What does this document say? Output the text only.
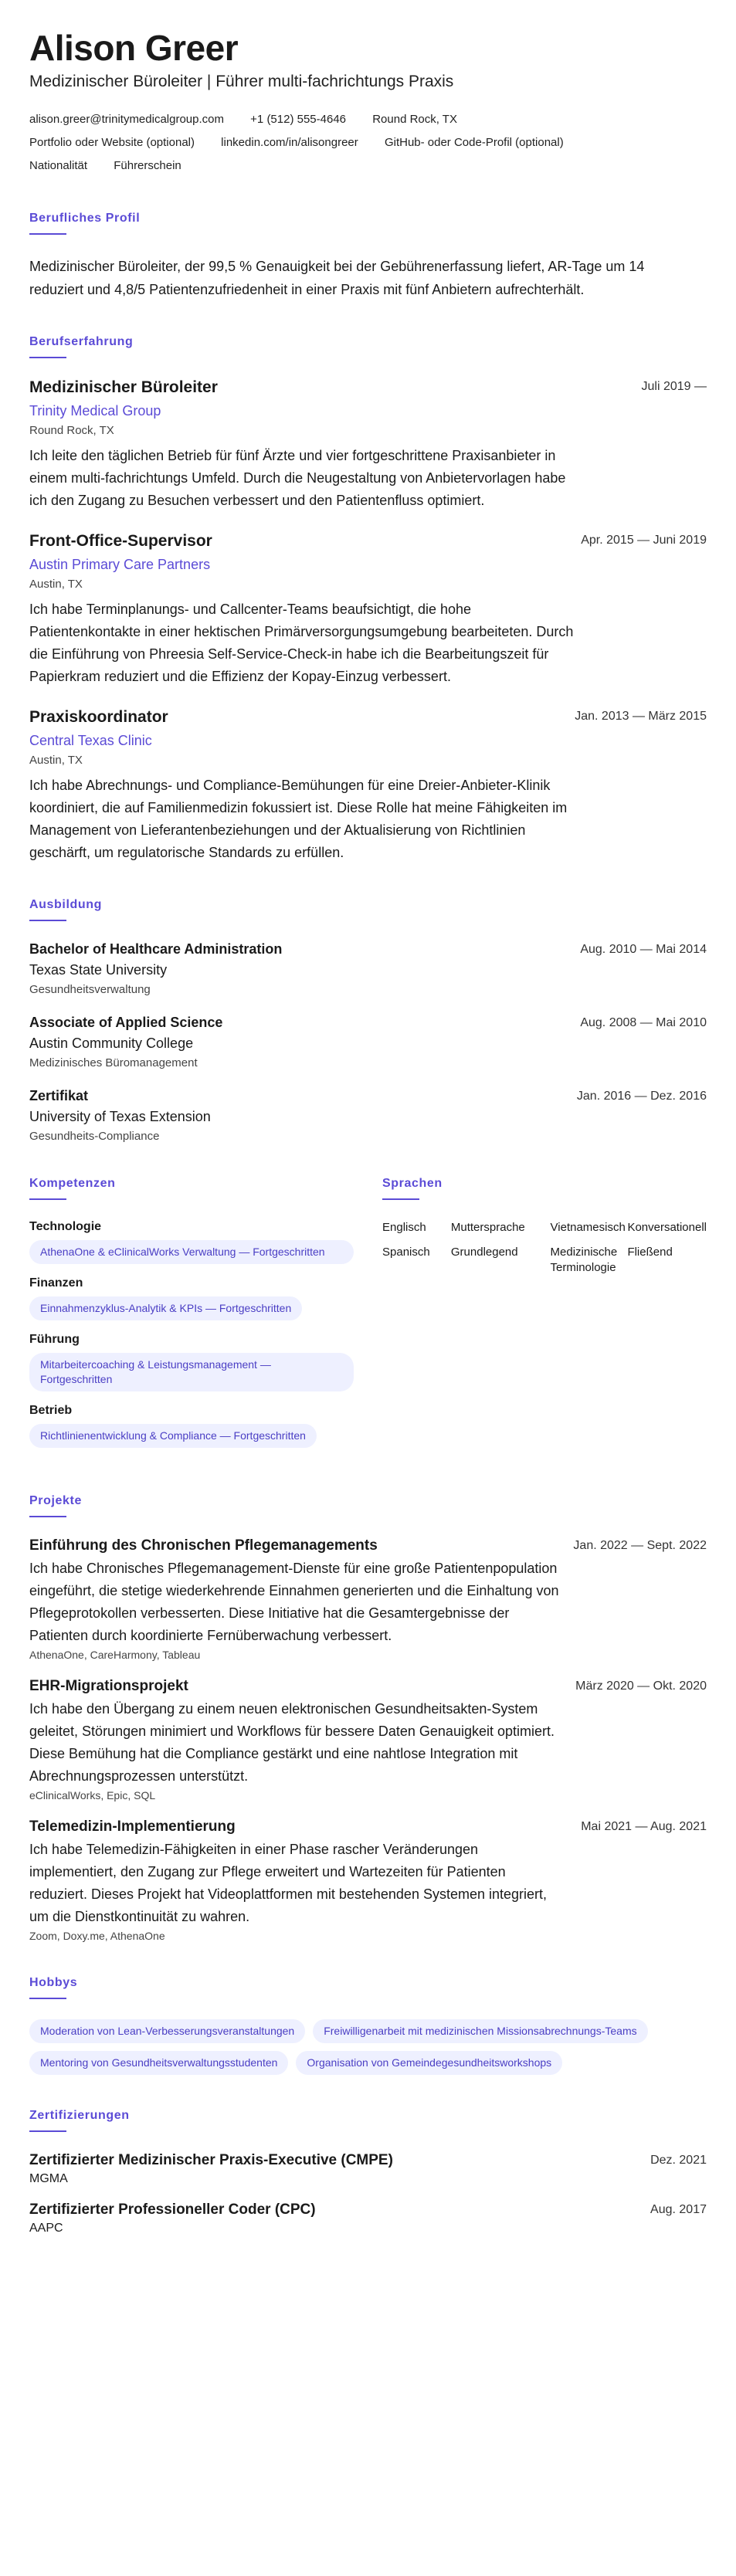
Alison Greer
Medizinischer Büroleiter | Führer multi-fachrichtungs Praxis
alison.greer@trinitymedicalgroup.com +1 (512) 555-4646 Round Rock, TX
Portfolio oder Website (optional) linkedin.com/in/alisongreer GitHub- oder Code-Profil (optional)
Nationalität Führerschein
Berufliches Profil

Medizinischer Büroleiter, der 99,5 % Genauigkeit bei der Gebührenerfassung liefert, AR-Tage um 14 reduziert und 4,8/5 Patientenzufriedenheit in einer Praxis mit fünf Anbietern aufrechterhält.

Berufserfahrung
Medizinischer Büroleiter	Juli 2019 —
Trinity Medical Group
Round Rock, TX
Ich leite den täglichen Betrieb für fünf Ärzte und vier fortgeschrittene Praxisanbieter in einem multi-fachrichtungs Umfeld. Durch die Neugestaltung von Anbietervorlagen habe ich den Zugang zu Besuchen verbessert und den Patientenfluss optimiert.
Front-Office-Supervisor	Apr. 2015 — Juni 2019
Austin Primary Care Partners
Austin, TX
Ich habe Terminplanungs- und Callcenter-Teams beaufsichtigt, die hohe Patientenkontakte in einer hektischen Primärversorgungsumgebung bearbeiteten. Durch die Einführung von Phreesia Self-Service-Check-in habe ich die Bearbeitungszeit für Papierkram reduziert und die Effizienz der Kopay-Einzug verbessert.
Praxiskoordinator	Jan. 2013 — März 2015
Central Texas Clinic
Austin, TX
Ich habe Abrechnungs- und Compliance-Bemühungen für eine Dreier-Anbieter-Klinik koordiniert, die auf Familienmedizin fokussiert ist. Diese Rolle hat meine Fähigkeiten im Management von Lieferantenbeziehungen und der Aktualisierung von Richtlinien geschärft, um regulatorische Standards zu erfüllen.
Ausbildung
Bachelor of Healthcare Administration	Aug. 2010 — Mai 2014
Texas State University
Gesundheitsverwaltung
Associate of Applied Science	Aug. 2008 — Mai 2010
Austin Community College
Medizinisches Büromanagement
Zertifikat	Jan. 2016 — Dez. 2016
University of Texas Extension
Gesundheits-Compliance
Kompetenzen
Technologie
AthenaOne & eClinicalWorks Verwaltung — Fortgeschritten
Finanzen
Einnahmenzyklus-Analytik & KPIs — Fortgeschritten
Führung
Mitarbeitercoaching & Leistungsmanagement — Fortgeschritten
Betrieb
Richtlinienentwicklung & Compliance — Fortgeschritten
Sprachen
Englisch	Muttersprache	Vietnamesisch	Konversationell
Spanisch	Grundlegend	Medizinische Terminologie	Fließend
Projekte
Einführung des Chronischen Pflegemanagements	Jan. 2022 — Sept. 2022
Ich habe Chronisches Pflegemanagement-Dienste für eine große Patientenpopulation eingeführt, die stetige wiederkehrende Einnahmen generierten und die Einhaltung von Pflegeprotokollen verbesserten. Diese Initiative hat die Gesamtergebnisse der Patienten durch koordinierte Fernüberwachung verbessert.
AthenaOne, CareHarmony, Tableau
EHR-Migrationsprojekt	März 2020 — Okt. 2020
Ich habe den Übergang zu einem neuen elektronischen Gesundheitsakten-System geleitet, Störungen minimiert und Workflows für bessere Daten Genauigkeit optimiert. Diese Bemühung hat die Compliance gestärkt und eine nahtlose Integration mit Abrechnungsprozessen unterstützt.
eClinicalWorks, Epic, SQL
Telemedizin-Implementierung	Mai 2021 — Aug. 2021
Ich habe Telemedizin-Fähigkeiten in einer Phase rascher Veränderungen implementiert, den Zugang zur Pflege erweitert und Wartezeiten für Patienten reduziert. Dieses Projekt hat Videoplattformen mit bestehenden Systemen integriert, um die Dienstkontinuität zu wahren.
Zoom, Doxy.me, AthenaOne
Hobbys
Moderation von Lean-Verbesserungsveranstaltungen	Freiwilligenarbeit mit medizinischen Missionsabrechnungs-Teams
Mentoring von Gesundheitsverwaltungsstudenten	Organisation von Gemeindegesundheitsworkshops
Zertifizierungen
Zertifizierter Medizinischer Praxis-Executive (CMPE)	Dez. 2021
MGMA
Zertifizierter Professioneller Coder (CPC)	Aug. 2017
AAPC
